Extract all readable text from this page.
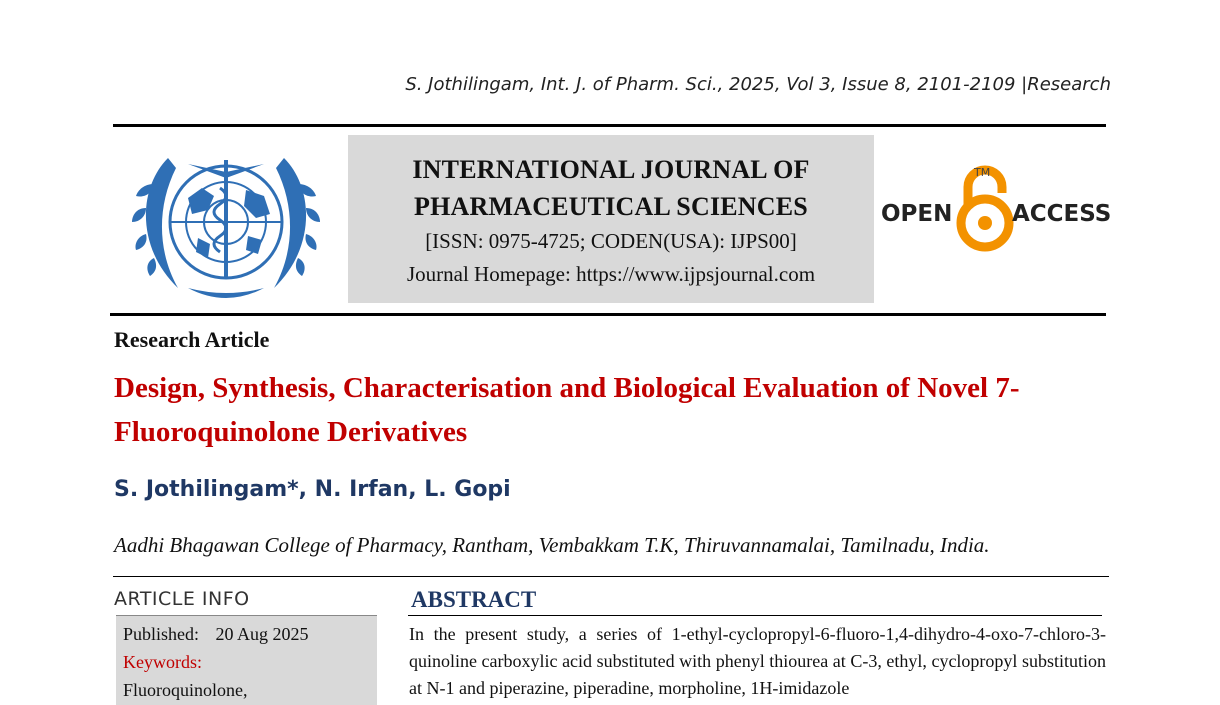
S. Jothilingam, Int. J. of Pharm. Sci., 2025, Vol 3, Issue 8, 2101-2109 |Research
INTERNATIONAL JOURNAL OF
PHARMACEUTICAL SCIENCES
[ISSN: 0975-4725; CODEN(USA): IJPS00]
Journal Homepage: https://www.ijpsjournal.com
OPEN
TM
ACCESS
Research Article
Design, Synthesis, Characterisation and Biological Evaluation of Novel 7- Fluoroquinolone Derivatives
S. Jothilingam*, N. Irfan, L. Gopi
Aadhi Bhagawan College of Pharmacy, Rantham, Vembakkam T.K, Thiruvannamalai, Tamilnadu, India.
ARTICLE INFO
Published: 20 Aug 2025
Keywords:
Fluoroquinolone,
ABSTRACT
In the present study, a series of 1-ethyl-cyclopropyl-6-fluoro-1,4-dihydro-4-oxo-7-chloro-3-quinoline carboxylic acid substituted with phenyl thiourea at C-3, ethyl, cyclopropyl substitution at N-1 and piperazine, piperadine, morpholine, 1H-imidazole
